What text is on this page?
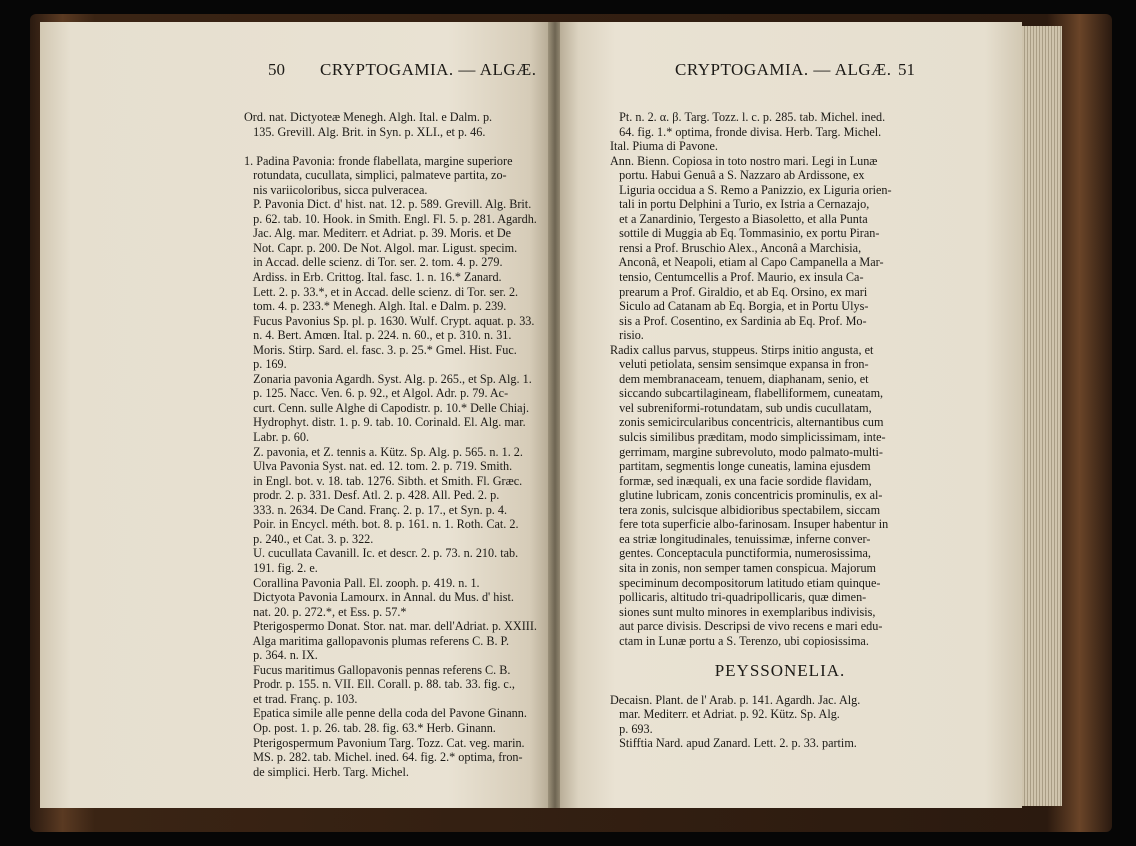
50 CRYPTOGAMIA. — ALGÆ.
Ord. nat. Dictyoteæ Menegh. Algh. Ital. e Dalm. p.
135. Grevill. Alg. Brit. in Syn. p. XLI., et p. 46.

1. Padina Pavonia: fronde flabellata, margine superiore
rotundata, cucullata, simplici, palmateve partita, zo-
nis variicoloribus, sicca pulveracea.
P. Pavonia Dict. d' hist. nat. 12. p. 589. Grevill. Alg. Brit.
p. 62. tab. 10. Hook. in Smith. Engl. Fl. 5. p. 281. Agardh.
Jac. Alg. mar. Mediterr. et Adriat. p. 39. Moris. et De
Not. Capr. p. 200. De Not. Algol. mar. Ligust. specim.
in Accad. delle scienz. di Tor. ser. 2. tom. 4. p. 279.
Ardiss. in Erb. Crittog. Ital. fasc. 1. n. 16.* Zanard.
Lett. 2. p. 33.*, et in Accad. delle scienz. di Tor. ser. 2.
tom. 4. p. 233.* Menegh. Algh. Ital. e Dalm. p. 239.
Fucus Pavonius Sp. pl. p. 1630. Wulf. Crypt. aquat. p. 33.
n. 4. Bert. Amœn. Ital. p. 224. n. 60., et p. 310. n. 31.
Moris. Stirp. Sard. el. fasc. 3. p. 25.* Gmel. Hist. Fuc.
p. 169.
Zonaria pavonia Agardh. Syst. Alg. p. 265., et Sp. Alg. 1.
p. 125. Nacc. Ven. 6. p. 92., et Algol. Adr. p. 79. Ac-
curt. Cenn. sulle Alghe di Capodistr. p. 10.* Delle Chiaj.
Hydrophyt. distr. 1. p. 9. tab. 10. Corinald. El. Alg. mar.
Labr. p. 60.
Z. pavonia, et Z. tennis a. Kütz. Sp. Alg. p. 565. n. 1. 2.
Ulva Pavonia Syst. nat. ed. 12. tom. 2. p. 719. Smith.
in Engl. bot. v. 18. tab. 1276. Sibth. et Smith. Fl. Græc.
prodr. 2. p. 331. Desf. Atl. 2. p. 428. All. Ped. 2. p.
333. n. 2634. De Cand. Franç. 2. p. 17., et Syn. p. 4.
Poir. in Encycl. méth. bot. 8. p. 161. n. 1. Roth. Cat. 2.
p. 240., et Cat. 3. p. 322.
U. cucullata Cavanill. Ic. et descr. 2. p. 73. n. 210. tab.
191. fig. 2. e.
Corallina Pavonia Pall. El. zooph. p. 419. n. 1.
Dictyota Pavonia Lamourx. in Annal. du Mus. d' hist.
nat. 20. p. 272.*, et Ess. p. 57.*
Pterigospermo Donat. Stor. nat. mar. dell'Adriat. p. XXIII.
Alga maritima gallopavonis plumas referens C. B. P.
p. 364. n. IX.
Fucus maritimus Gallopavonis pennas referens C. B.
Prodr. p. 155. n. VII. Ell. Corall. p. 88. tab. 33. fig. c.,
et trad. Franç. p. 103.
Epatica simile alle penne della coda del Pavone Ginann.
Op. post. 1. p. 26. tab. 28. fig. 63.* Herb. Ginann.
Pterigospermum Pavonium Targ. Tozz. Cat. veg. marin.
MS. p. 282. tab. Michel. ined. 64. fig. 2.* optima, fron-
de simplici. Herb. Targ. Michel.
CRYPTOGAMIA. — ALGÆ. 51
Pt. n. 2. α. β. Targ. Tozz. l. c. p. 285. tab. Michel. ined.
64. fig. 1.* optima, fronde divisa. Herb. Targ. Michel.
Ital. Piuma di Pavone.
Ann. Bienn. Copiosa in toto nostro mari. Legi in Lunæ
portu. Habui Genuâ a S. Nazzaro ab Ardissone, ex
Liguria occidua a S. Remo a Panizzio, ex Liguria orien-
tali in portu Delphini a Turio, ex Istria a Cernazajo,
et a Zanardinio, Tergesto a Biasoletto, et alla Punta
sottile di Muggia ab Eq. Tommasinio, ex portu Piran-
rensi a Prof. Bruschio Alex., Anconâ a Marchisia,
Anconâ, et Neapoli, etiam al Capo Campanella a Mar-
tensio, Centumcellis a Prof. Maurio, ex insula Ca-
prearum a Prof. Giraldio, et ab Eq. Orsino, ex mari
Siculo ad Catanam ab Eq. Borgia, et in Portu Ulys-
sis a Prof. Cosentino, ex Sardinia ab Eq. Prof. Mo-
risio.
Radix callus parvus, stuppeus. Stirps initio angusta, et
veluti petiolata, sensim sensimque expansa in fron-
dem membranaceam, tenuem, diaphanam, senio, et
siccando subcartilagineam, flabelliformem, cuneatam,
vel subreniformi-rotundatam, sub undis cucullatam,
zonis semicircularibus concentricis, alternantibus cum
sulcis similibus præditam, modo simplicissimam, inte-
gerrimam, margine subrevoluto, modo palmato-multi-
partitam, segmentis longe cuneatis, lamina ejusdem
formæ, sed inæquali, ex una facie sordide flavidam,
glutine lubricam, zonis concentricis prominulis, ex al-
tera zonis, sulcisque albidioribus spectabilem, siccam
fere tota superficie albo-farinosam. Insuper habentur in
ea striæ longitudinales, tenuissimæ, inferne conver-
gentes. Conceptacula punctiformia, numerosissima,
sita in zonis, non semper tamen conspicua. Majorum
speciminum decompositorum latitudo etiam quinque-
pollicaris, altitudo tri-quadripollicaris, quæ dimen-
siones sunt multo minores in exemplaribus indivisis,
aut parce divisis. Descripsi de vivo recens e mari edu-
ctam in Lunæ portu a S. Terenzo, ubi copiosissima.
PEYSSONELIA.
Decaisn. Plant. de l' Arab. p. 141. Agardh. Jac. Alg.
mar. Mediterr. et Adriat. p. 92. Kütz. Sp. Alg.
p. 693.
Stifftia Nard. apud Zanard. Lett. 2. p. 33. partim.
